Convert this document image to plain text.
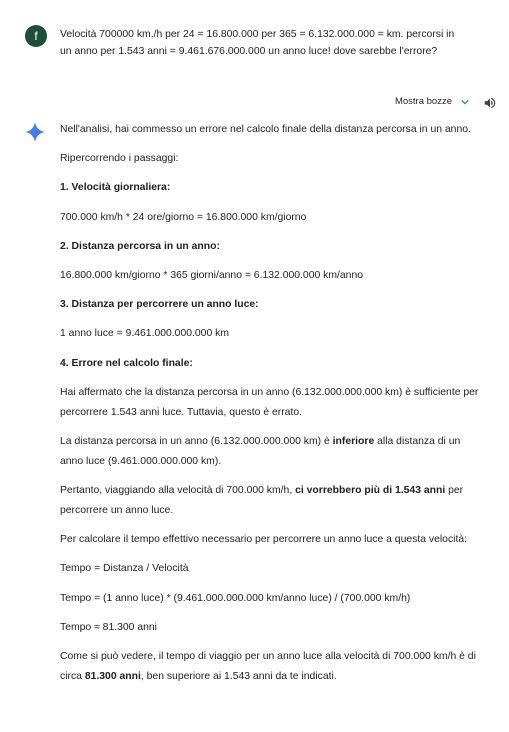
f	Velocità 700000 km./h per 24 = 16.800.000 per 365 = 6.132.000.000 = km. percorsi in un anno per 1.543 anni = 9.461.676.000.000 un anno luce! dove sarebbe l'errore?
Mostra bozze

Nell'analisi, hai commesso un errore nel calcolo finale della distanza percorsa in un anno.

Ripercorrendo i passaggi:

1. Velocità giornaliera:

700.000 km/h * 24 ore/giorno = 16.800.000 km/giorno

2. Distanza percorsa in un anno:

16.800.000 km/giorno * 365 giorni/anno = 6.132.000.000 km/anno

3. Distanza per percorrere un anno luce:

1 anno luce = 9.461.000.000.000 km

4. Errore nel calcolo finale:

Hai affermato che la distanza percorsa in un anno (6.132.000.000.000 km) è sufficiente per percorrere 1.543 anni luce. Tuttavia, questo è errato.

La distanza percorsa in un anno (6.132.000.000.000 km) è inferiore alla distanza di un anno luce (9.461.000.000.000 km).

Pertanto, viaggiando alla velocità di 700.000 km/h, ci vorrebbero più di 1.543 anni per percorrere un anno luce.

Per calcolare il tempo effettivo necessario per percorrere un anno luce a questa velocità:

Tempo = Distanza / Velocità

Tempo = (1 anno luce) * (9.461.000.000.000 km/anno luce) / (700.000 km/h)

Tempo ≈ 81.300 anni

Come si può vedere, il tempo di viaggio per un anno luce alla velocità di 700.000 km/h è di circa 81.300 anni, ben superiore ai 1.543 anni da te indicati.
